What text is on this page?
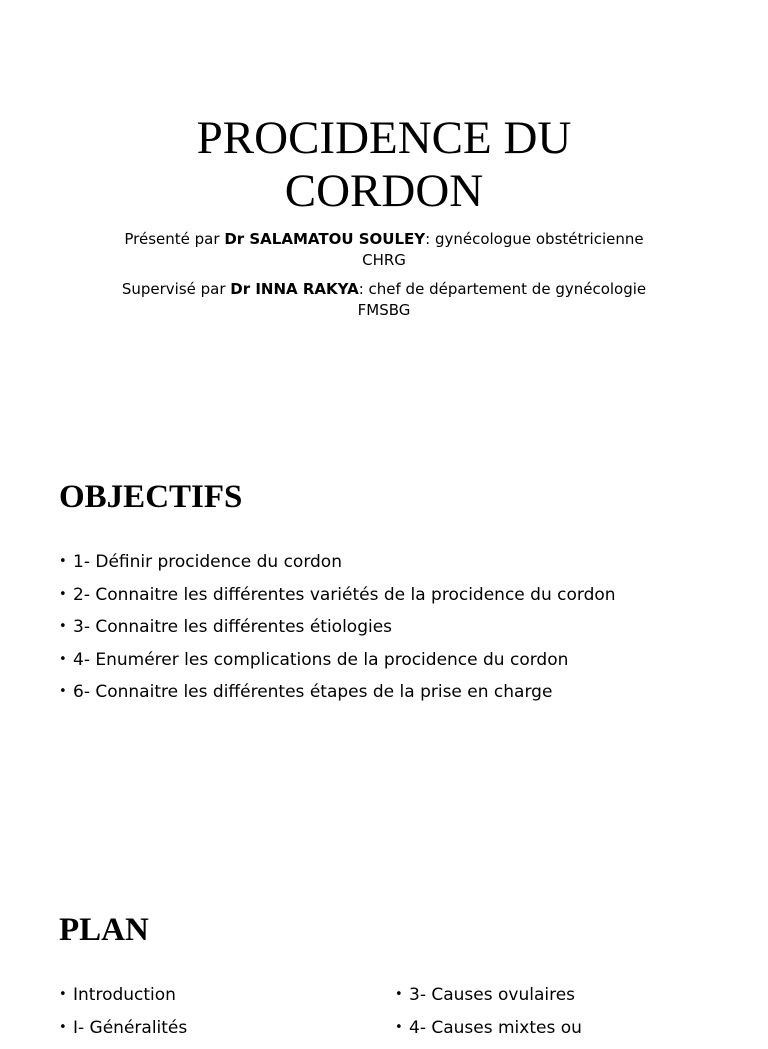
PROCIDENCE DU
CORDON
Présenté par Dr SALAMATOU SOULEY: gynécologue obstétricienne
CHRG
Supervisé par Dr INNA RAKYA: chef de département de gynécologie
FMSBG
OBJECTIFS
• 1- Définir procidence du cordon
• 2- Connaitre les différentes variétés de la procidence du cordon
• 3- Connaitre les différentes étiologies
• 4- Enumérer les complications de la procidence du cordon
• 6- Connaitre les différentes étapes de la prise en charge
PLAN
• Introduction
• I- Généralités
• 3- Causes ovulaires
• 4- Causes mixtes ou
